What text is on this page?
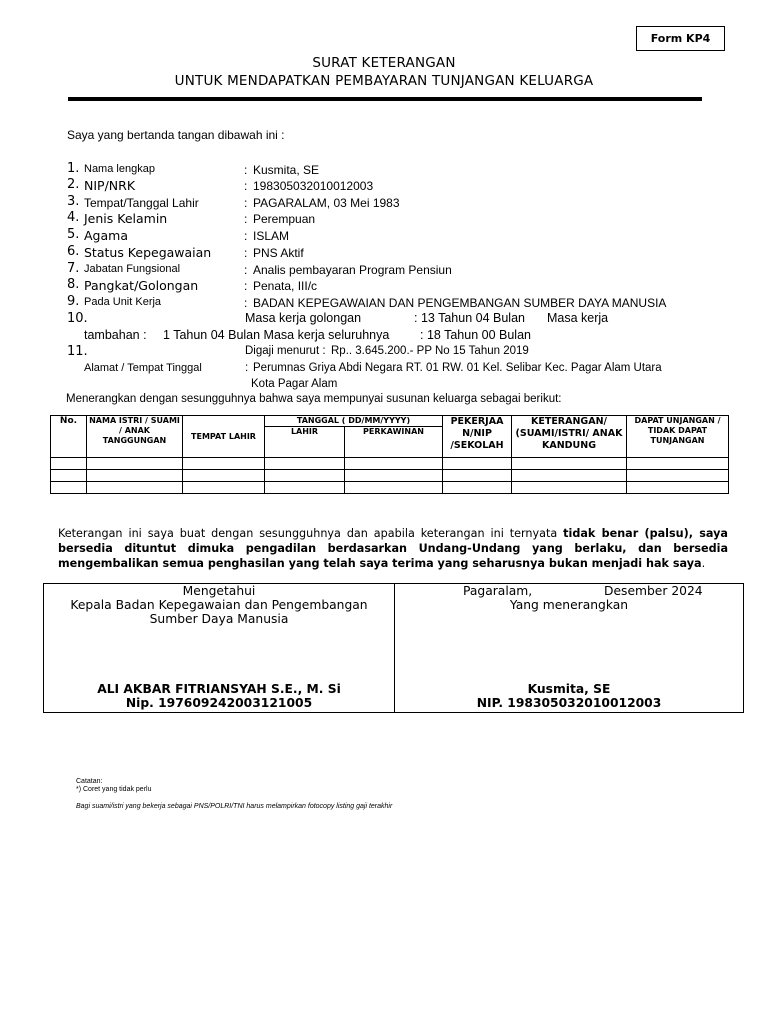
Form KP4
SURAT KETERANGAN
UNTUK MENDAPATKAN PEMBAYARAN TUNJANGAN KELUARGA
Saya yang bertanda tangan dibawah ini :
1. Nama lengkap	: Kusmita, SE
2. NIP/NRK	: 198305032010012003
3. Tempat/Tanggal Lahir	: PAGARALAM, 03 Mei 1983
4. Jenis Kelamin	: Perempuan
5. Agama	: ISLAM
6. Status Kepegawaian	: PNS Aktif
7. Jabatan Fungsional	: Analis pembayaran Program Pensiun
8. Pangkat/Golongan	: Penata, III/c
9. Pada Unit Kerja	: BADAN KEPEGAWAIAN DAN PENGEMBANGAN SUMBER DAYA MANUSIA
10.	Masa kerja golongan	: 13 Tahun 04 Bulan Masa kerja
tambahan : 1 Tahun 04 Bulan Masa kerja seluruhnya : 18 Tahun 00 Bulan
11.	Digaji menurut : Rp.. 3.645.200.- PP No 15 Tahun 2019
Alamat / Tempat Tinggal	: Perumnas Griya Abdi Negara RT. 01 RW. 01 Kel. Selibar Kec. Pagar Alam Utara
Kota Pagar Alam
Menerangkan dengan sesungguhnya bahwa saya mempunyai susunan keluarga sebagai berikut:
No.	NAMA ISTRI / SUAMI / ANAK TANGGUNGAN	TEMPAT LAHIR	TANGGAL ( DD/MM/YYYY)		PEKERJAA N/NIP /SEKOLAH	KETERANGAN/ (SUAMI/ISTRI/ ANAK KANDUNG	DAPAT UNJANGAN / TIDAK DAPAT TUNJANGAN
			LAHIR	PERKAWINAN			

Keterangan ini saya buat dengan sesungguhnya dan apabila keterangan ini ternyata tidak benar (palsu), saya bersedia dituntut dimuka pengadilan berdasarkan Undang-Undang yang berlaku, dan bersedia mengembalikan semua penghasilan yang telah saya terima yang seharusnya bukan menjadi hak saya.
Mengetahui
Kepala Badan Kepegawaian dan Pengembangan
Sumber Daya Manusia
ALI AKBAR FITRIANSYAH S.E., M. Si
Nip. 197609242003121005
Pagaralam,	Desember 2024
Yang menerangkan
Kusmita, SE
NIP. 198305032010012003
Catatan:
*) Coret yang tidak perlu
Bagi suami/istri yang bekerja sebagai PNS/POLRI/TNI harus melampirkan fotocopy listing gaji terakhir
